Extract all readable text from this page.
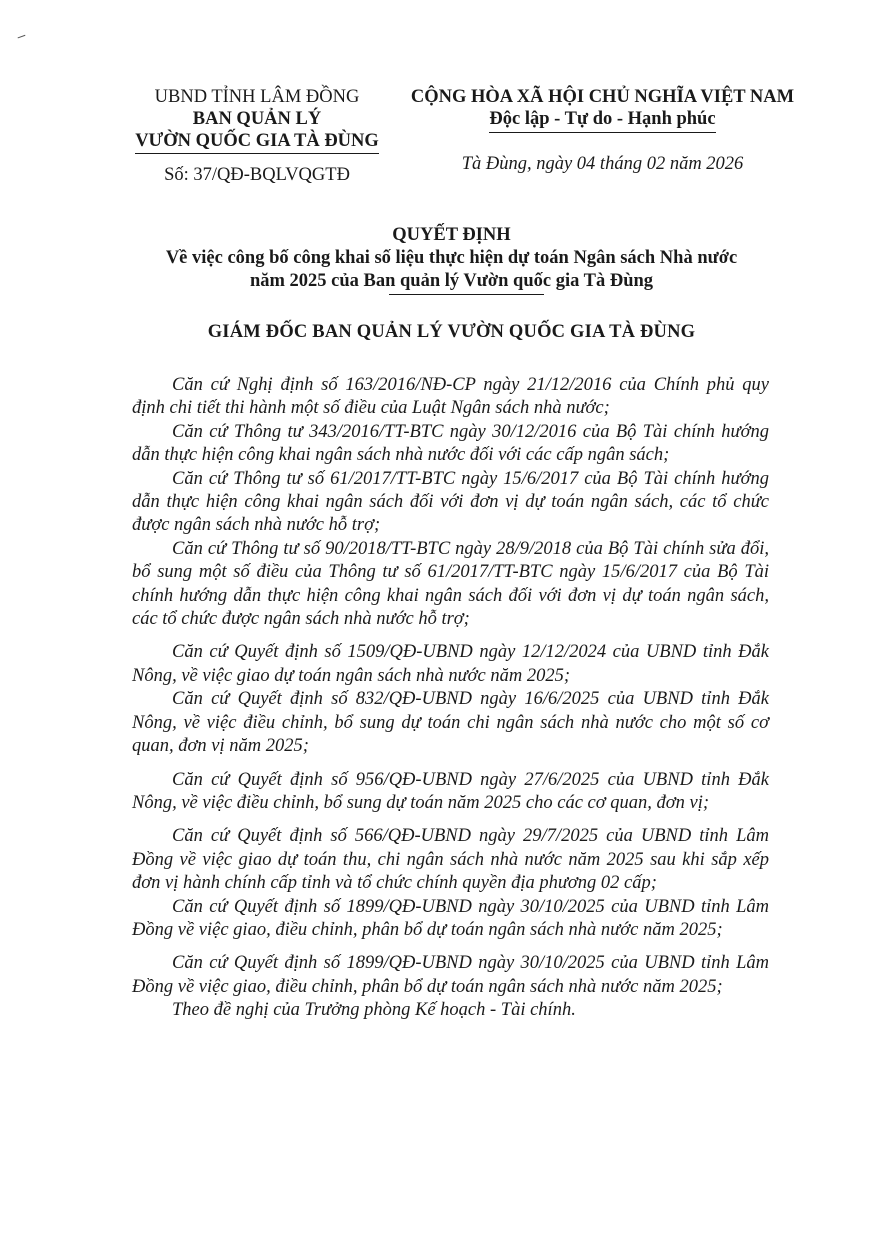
UBND TỈNH LÂM ĐỒNG
BAN QUẢN LÝ
VƯỜN QUỐC GIA TÀ ĐÙNG
Số: 37/QĐ-BQLVQGTĐ
CỘNG HÒA XÃ HỘI CHỦ NGHĨA VIỆT NAM
Độc lập - Tự do - Hạnh phúc
Tà Đùng, ngày 04 tháng 02 năm 2026
QUYẾT ĐỊNH
Về việc công bố công khai số liệu thực hiện dự toán Ngân sách Nhà nước
năm 2025 của Ban quản lý Vườn quốc gia Tà Đùng
GIÁM ĐỐC BAN QUẢN LÝ VƯỜN QUỐC GIA TÀ ĐÙNG

Căn cứ Nghị định số 163/2016/NĐ-CP ngày 21/12/2016 của Chính phủ quy định chi tiết thi hành một số điều của Luật Ngân sách nhà nước;

Căn cứ Thông tư 343/2016/TT-BTC ngày 30/12/2016 của Bộ Tài chính hướng dẫn thực hiện công khai ngân sách nhà nước đối với các cấp ngân sách;

Căn cứ Thông tư số 61/2017/TT-BTC ngày 15/6/2017 của Bộ Tài chính hướng dẫn thực hiện công khai ngân sách đối với đơn vị dự toán ngân sách, các tổ chức được ngân sách nhà nước hỗ trợ;

Căn cứ Thông tư số 90/2018/TT-BTC ngày 28/9/2018 của Bộ Tài chính sửa đổi, bổ sung một số điều của Thông tư số 61/2017/TT-BTC ngày 15/6/2017 của Bộ Tài chính hướng dẫn thực hiện công khai ngân sách đối với đơn vị dự toán ngân sách, các tổ chức được ngân sách nhà nước hỗ trợ;

Căn cứ Quyết định số 1509/QĐ-UBND ngày 12/12/2024 của UBND tỉnh Đắk Nông, về việc giao dự toán ngân sách nhà nước năm 2025;

Căn cứ Quyết định số 832/QĐ-UBND ngày 16/6/2025 của UBND tỉnh Đắk Nông, về việc điều chỉnh, bổ sung dự toán chi ngân sách nhà nước cho một số cơ quan, đơn vị năm 2025;

Căn cứ Quyết định số 956/QĐ-UBND ngày 27/6/2025 của UBND tỉnh Đắk Nông, về việc điều chỉnh, bổ sung dự toán năm 2025 cho các cơ quan, đơn vị;

Căn cứ Quyết định số 566/QĐ-UBND ngày 29/7/2025 của UBND tỉnh Lâm Đồng về việc giao dự toán thu, chi ngân sách nhà nước năm 2025 sau khi sắp xếp đơn vị hành chính cấp tỉnh và tổ chức chính quyền địa phương 02 cấp;

Căn cứ Quyết định số 1899/QĐ-UBND ngày 30/10/2025 của UBND tỉnh Lâm Đồng về việc giao, điều chỉnh, phân bổ dự toán ngân sách nhà nước năm 2025;

Căn cứ Quyết định số 1899/QĐ-UBND ngày 30/10/2025 của UBND tỉnh Lâm Đồng về việc giao, điều chỉnh, phân bổ dự toán ngân sách nhà nước năm 2025;

Theo đề nghị của Trưởng phòng Kế hoạch - Tài chính.
